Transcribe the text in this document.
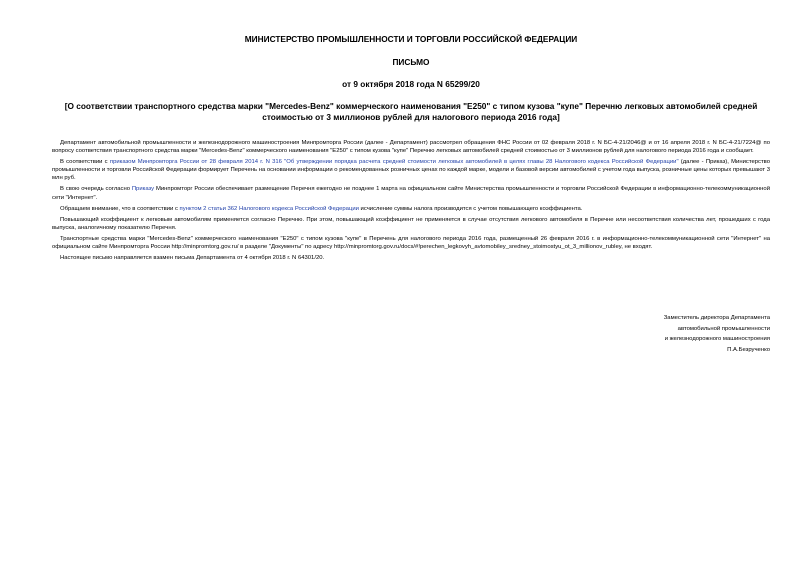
МИНИСТЕРСТВО ПРОМЫШЛЕННОСТИ И ТОРГОВЛИ РОССИЙСКОЙ ФЕДЕРАЦИИ
ПИСЬМО
от 9 октября 2018 года N 65299/20
[О соответствии транспортного средства марки "Mercedes-Benz" коммерческого наименования "E250" с типом кузова "купе" Перечню легковых автомобилей средней стоимостью от 3 миллионов рублей для налогового периода 2016 года]

Департамент автомобильной промышленности и железнодорожного машиностроения Минпромторга России (далее - Департамент) рассмотрел обращения ФНС России от 02 февраля 2018 г. N БС-4-21/2046@ и от 16 апреля 2018 г. N БС-4-21/7224@ по вопросу соответствия транспортного средства марки "Mercedes-Benz" коммерческого наименования "E250" с типом кузова "купе" Перечню легковых автомобилей средней стоимостью от 3 миллионов рублей для налогового периода 2016 года и сообщает.

В соответствии с приказом Минпромторга России от 28 февраля 2014 г. N 316 "Об утверждении порядка расчета средней стоимости легковых автомобилей в целях главы 28 Налогового кодекса Российской Федерации" (далее - Приказ), Министерство промышленности и торговли Российской Федерации формирует Перечень на основании информации о рекомендованных розничных ценах по каждой марке, модели и базовой версии автомобилей с учетом года выпуска, розничные цены которых превышают 3 млн руб.

В свою очередь согласно Приказу Минпромторг России обеспечивает размещение Перечня ежегодно не позднее 1 марта на официальном сайте Министерства промышленности и торговли Российской Федерации в информационно-телекоммуникационной сети "Интернет".

Обращаем внимание, что в соответствии с пунктом 2 статьи 362 Налогового кодекса Российской Федерации исчисление суммы налога производится с учетом повышающего коэффициента.

Повышающий коэффициент к легковым автомобилям применяется согласно Перечню. При этом, повышающий коэффициент не применяется в случае отсутствия легкового автомобиля в Перечне или несоответствия количества лет, прошедших с года выпуска, аналогичному показателю Перечня.

Транспортные средства марки "Mercedes-Benz" коммерческого наименования "E250" с типом кузова "купе" в Перечень для налогового периода 2016 года, размещенный 26 февраля 2016 г. в информационно-телекоммуникационной сети "Интернет" на официальном сайте Минпромторга России http://minpromtorg.gov.ru/ в разделе "Документы" по адресу http://minpromtorg.gov.ru/docs/#!perechen_legkovyh_avtomobiley_sredney_stoimostyu_ot_3_millionov_rubley, не входят.

Настоящее письмо направляется взамен письма Департамента от 4 октября 2018 г. N 64301/20.

Заместитель директора Департамента
автомобильной промышленности
и железнодорожного машиностроения
П.А.Безрученко
